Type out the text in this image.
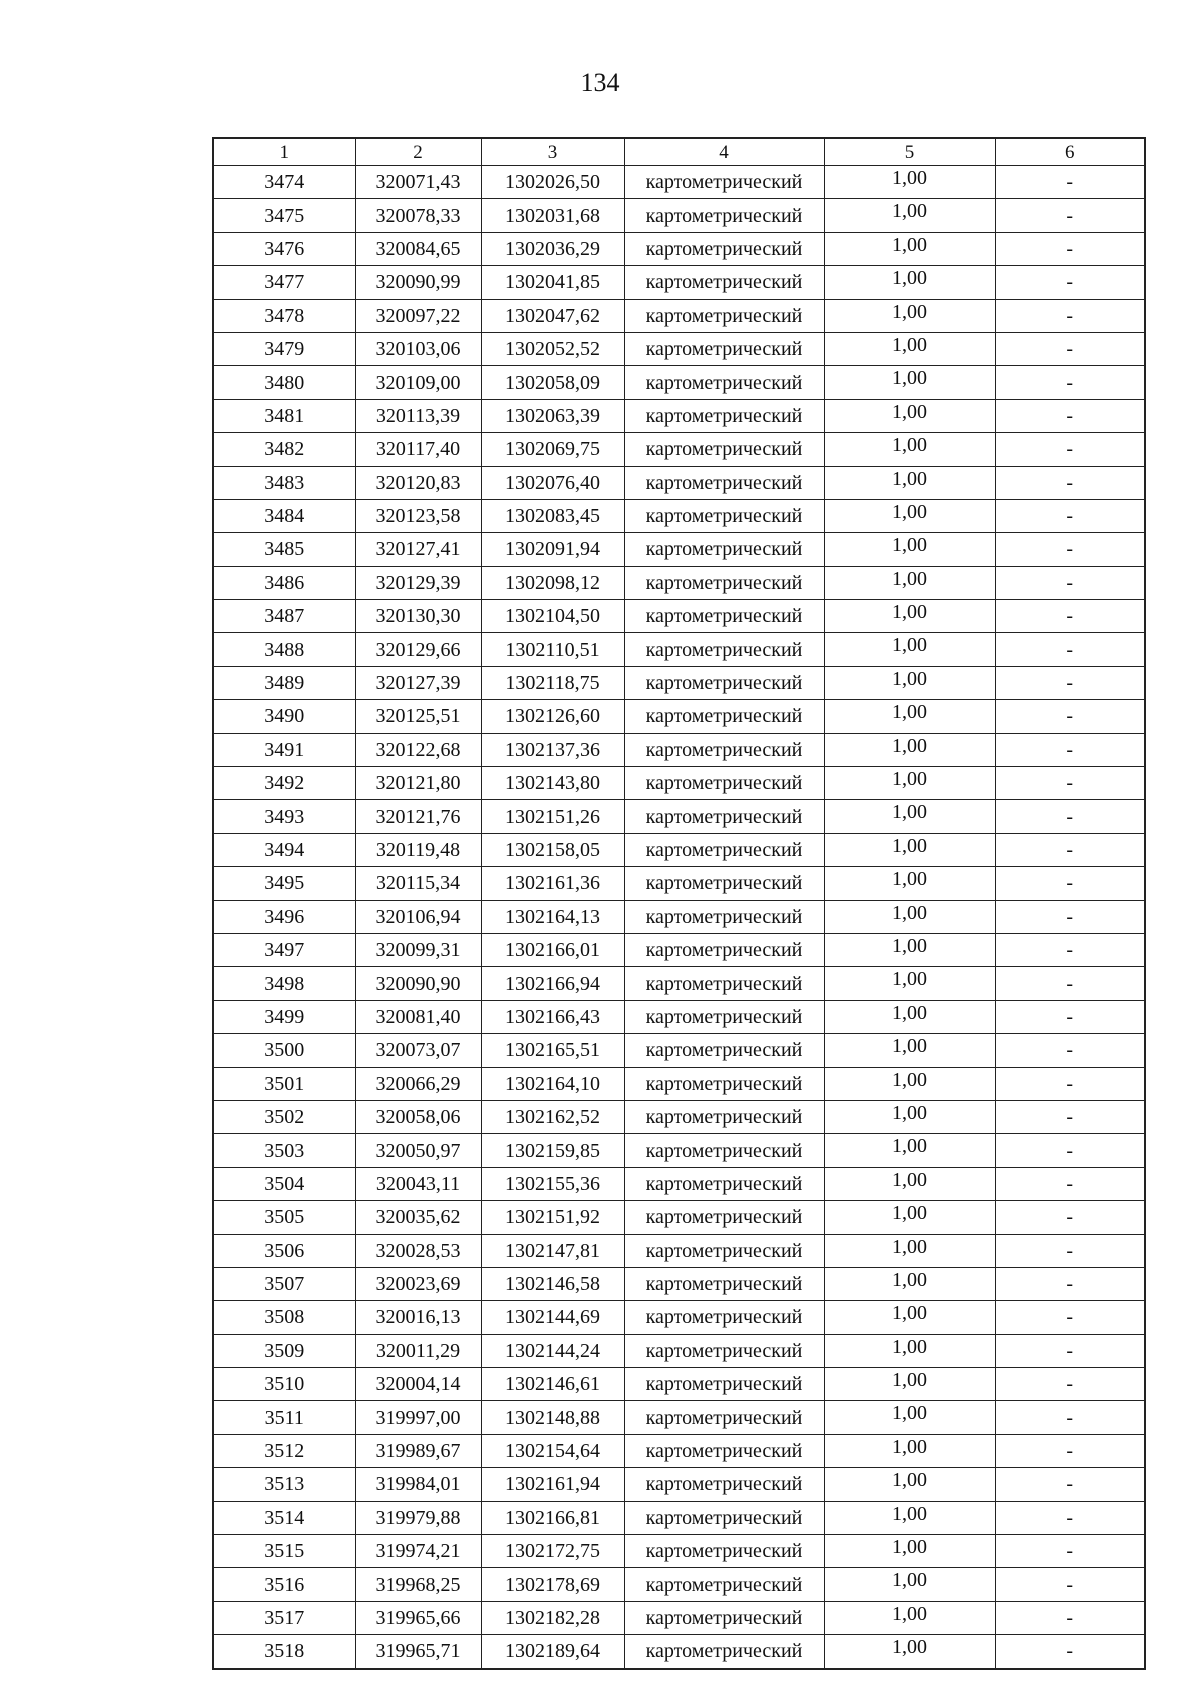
134
1	2	3	4	5	6
3474	320071,43	1302026,50	картометрический	1,00	-
3475	320078,33	1302031,68	картометрический	1,00	-
3476	320084,65	1302036,29	картометрический	1,00	-
3477	320090,99	1302041,85	картометрический	1,00	-
3478	320097,22	1302047,62	картометрический	1,00	-
3479	320103,06	1302052,52	картометрический	1,00	-
3480	320109,00	1302058,09	картометрический	1,00	-
3481	320113,39	1302063,39	картометрический	1,00	-
3482	320117,40	1302069,75	картометрический	1,00	-
3483	320120,83	1302076,40	картометрический	1,00	-
3484	320123,58	1302083,45	картометрический	1,00	-
3485	320127,41	1302091,94	картометрический	1,00	-
3486	320129,39	1302098,12	картометрический	1,00	-
3487	320130,30	1302104,50	картометрический	1,00	-
3488	320129,66	1302110,51	картометрический	1,00	-
3489	320127,39	1302118,75	картометрический	1,00	-
3490	320125,51	1302126,60	картометрический	1,00	-
3491	320122,68	1302137,36	картометрический	1,00	-
3492	320121,80	1302143,80	картометрический	1,00	-
3493	320121,76	1302151,26	картометрический	1,00	-
3494	320119,48	1302158,05	картометрический	1,00	-
3495	320115,34	1302161,36	картометрический	1,00	-
3496	320106,94	1302164,13	картометрический	1,00	-
3497	320099,31	1302166,01	картометрический	1,00	-
3498	320090,90	1302166,94	картометрический	1,00	-
3499	320081,40	1302166,43	картометрический	1,00	-
3500	320073,07	1302165,51	картометрический	1,00	-
3501	320066,29	1302164,10	картометрический	1,00	-
3502	320058,06	1302162,52	картометрический	1,00	-
3503	320050,97	1302159,85	картометрический	1,00	-
3504	320043,11	1302155,36	картометрический	1,00	-
3505	320035,62	1302151,92	картометрический	1,00	-
3506	320028,53	1302147,81	картометрический	1,00	-
3507	320023,69	1302146,58	картометрический	1,00	-
3508	320016,13	1302144,69	картометрический	1,00	-
3509	320011,29	1302144,24	картометрический	1,00	-
3510	320004,14	1302146,61	картометрический	1,00	-
3511	319997,00	1302148,88	картометрический	1,00	-
3512	319989,67	1302154,64	картометрический	1,00	-
3513	319984,01	1302161,94	картометрический	1,00	-
3514	319979,88	1302166,81	картометрический	1,00	-
3515	319974,21	1302172,75	картометрический	1,00	-
3516	319968,25	1302178,69	картометрический	1,00	-
3517	319965,66	1302182,28	картометрический	1,00	-
3518	319965,71	1302189,64	картометрический	1,00	-
